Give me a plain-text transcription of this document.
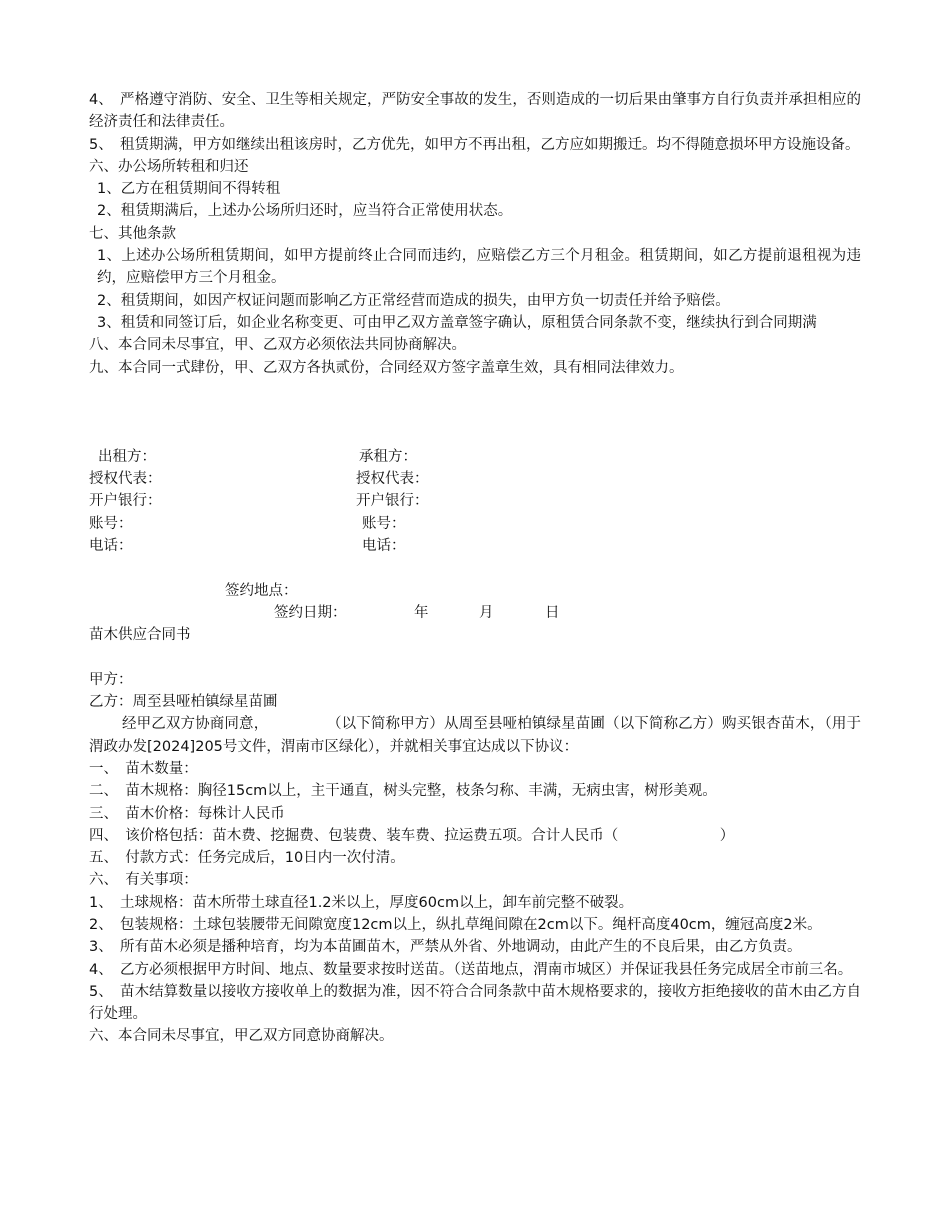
4、　严格遵守消防、安全、卫生等相关规定，严防安全事故的发生，否则造成的一切后果由肇事方自行负责并承担相应的经济责任和法律责任。
5、　租赁期满，甲方如继续出租该房时，乙方优先，如甲方不再出租，乙方应如期搬迁。均不得随意损坏甲方设施设备。
六、办公场所转租和归还
1、乙方在租赁期间不得转租
2、租赁期满后，上述办公场所归还时，应当符合正常使用状态。
七、其他条款
1、上述办公场所租赁期间，如甲方提前终止合同而违约，应赔偿乙方三个月租金。租赁期间，如乙方提前退租视为违约，应赔偿甲方三个月租金。
2、租赁期间，如因产权证问题而影响乙方正常经营而造成的损失，由甲方负一切责任并给予赔偿。
3、租赁和同签订后，如企业名称变更、可由甲乙双方盖章签字确认，原租赁合同条款不变，继续执行到合同期满
八、本合同未尽事宜，甲、乙双方必须依法共同协商解决。
九、本合同一式肆份，甲、乙双方各执贰份，合同经双方签字盖章生效，具有相同法律效力。
出租方：	承租方：
授权代表：	授权代表：
开户银行：	开户银行：
账号：	账号：
电话：	电话：
签约地点：
签约日期：	年	月	日
苗木供应合同书
甲方：
乙方：周至县哑柏镇绿星苗圃
经甲乙双方协商同意，　　　　　（以下简称甲方）从周至县哑柏镇绿星苗圃（以下简称乙方）购买银杏苗木，（用于渭政办发[2024]205号文件，渭南市区绿化），并就相关事宜达成以下协议：
一、　苗木数量：
二、　苗木规格：胸径15cm以上，主干通直，树头完整，枝条匀称、丰满，无病虫害，树形美观。
三、　苗木价格：每株计人民币
四、　该价格包括：苗木费、挖掘费、包装费、装车费、拉运费五项。合计人民币（　　　　　　　）
五、　付款方式：任务完成后，10日内一次付清。
六、　有关事项：
1、　土球规格：苗木所带土球直径1.2米以上，厚度60cm以上，卸车前完整不破裂。
2、　包装规格：土球包装腰带无间隙宽度12cm以上，纵扎草绳间隙在2cm以下。绳杆高度40cm，缠冠高度2米。
3、　所有苗木必须是播种培育，均为本苗圃苗木，严禁从外省、外地调动，由此产生的不良后果，由乙方负责。
4、　乙方必须根据甲方时间、地点、数量要求按时送苗。（送苗地点，渭南市城区）并保证我县任务完成居全市前三名。
5、　苗木结算数量以接收方接收单上的数据为准，因不符合合同条款中苗木规格要求的，接收方拒绝接收的苗木由乙方自行处理。
六、本合同未尽事宜，甲乙双方同意协商解决。
